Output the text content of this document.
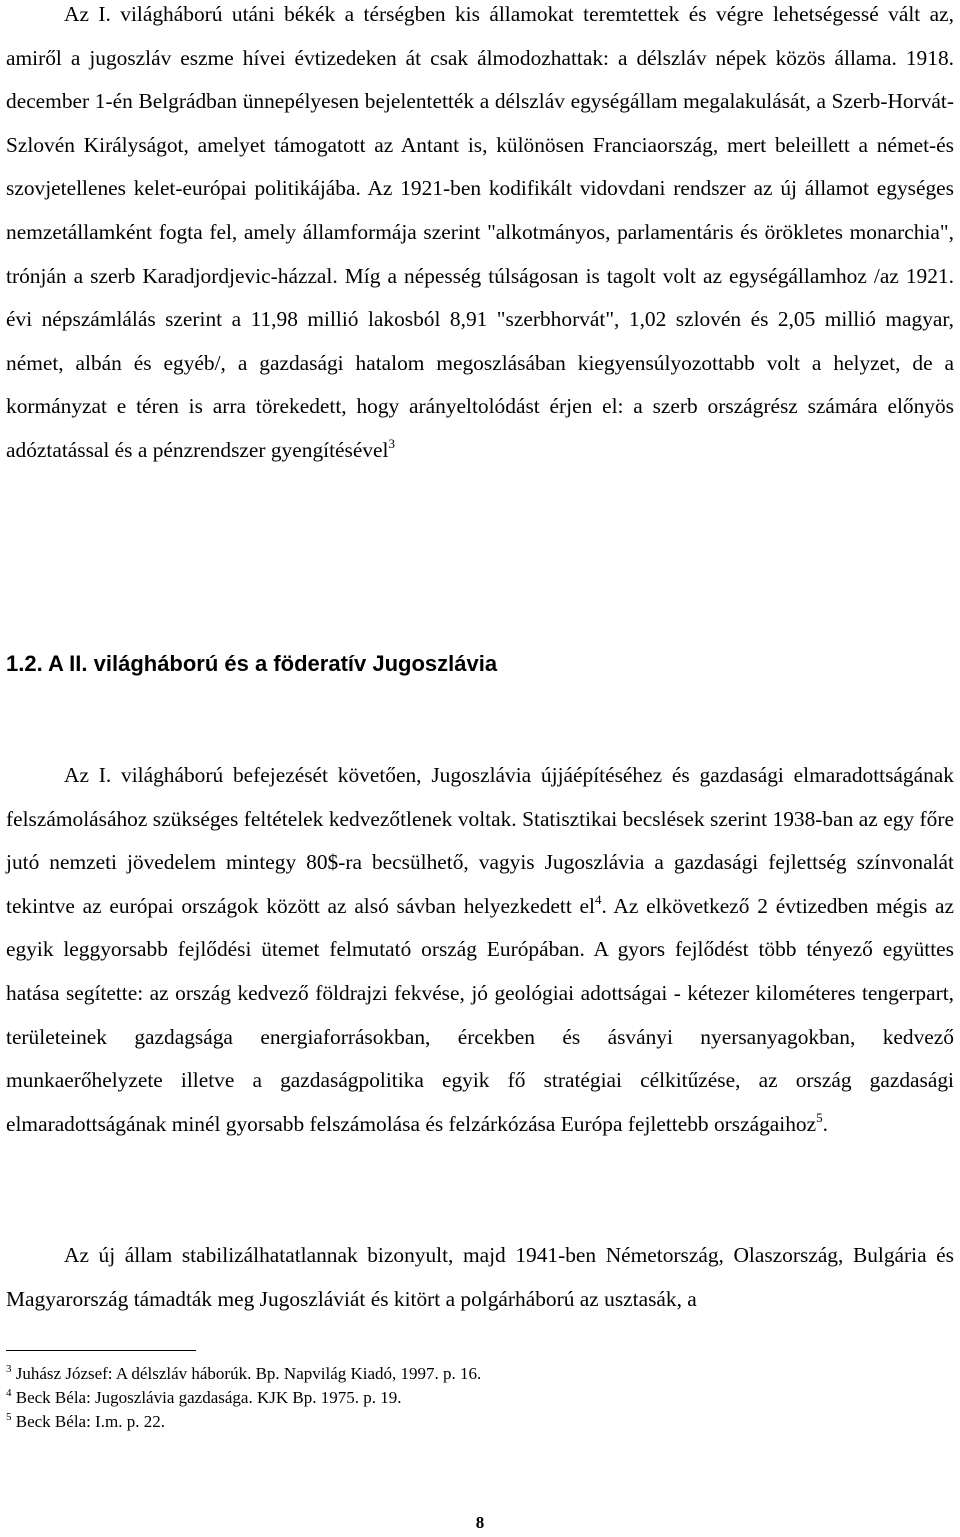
Az I. világháború utáni békék a térségben kis államokat teremtettek és végre lehetségessé vált az, amiről a jugoszláv eszme hívei évtizedeken át csak álmodozhattak: a délszláv népek közös állama. 1918. december 1-én Belgrádban ünnepélyesen bejelentették a délszláv egységállam megalakulását, a Szerb-Horvát-Szlovén Királyságot, amelyet támogatott az Antant is, különösen Franciaország, mert beleillett a német-és szovjetellenes kelet-európai politikájába. Az 1921-ben kodifikált vidovdani rendszer az új államot egységes nemzetállamként fogta fel, amely államformája szerint "alkotmányos, parlamentáris és örökletes monarchia", trónján a szerb Karadjordjevic-házzal. Míg a népesség túlságosan is tagolt volt az egységállamhoz /az 1921. évi népszámlálás szerint a 11,98 millió lakosból 8,91 "szerbhorvát", 1,02 szlovén és 2,05 millió magyar, német, albán és egyéb/, a gazdasági hatalom megoszlásában kiegyensúlyozottabb volt a helyzet, de a kormányzat e téren is arra törekedett, hogy arányeltolódást érjen el: a szerb országrész számára előnyös adóztatással és a pénzrendszer gyengítésével$^3$

1.2. A II. világháború és a föderatív Jugoszlávia

Az I. világháború befejezését követően, Jugoszlávia újjáépítéséhez és gazdasági elmaradottságának felszámolásához szükséges feltételek kedvezőtlenek voltak. Statisztikai becslések szerint 1938-ban az egy főre jutó nemzeti jövedelem mintegy 80$-ra becsülhető, vagyis Jugoszlávia a gazdasági fejlettség színvonalát tekintve az európai országok között az alsó sávban helyezkedett $el^4$. Az elkövetkező 2 évtizedben mégis az egyik leggyorsabb fejlődési ütemet felmutató ország Európában. A gyors fejlődést több tényező együttes hatása segítette: az ország kedvező földrajzi fekvése, jó geológiai adottságai - kétezer kilométeres tengerpart, területeinek gazdagsága energiaforrásokban, ércekben és ásványi nyersanyagokban, kedvező munkaerőhelyzete illetve a gazdaságpolitika egyik fő stratégiai célkitűzése, az ország gazdasági elmaradottságának minél gyorsabb felszámolása és felzárkózása Európa fejlettebb országaihoz$^5$.

Az új állam stabilizálhatatlannak bizonyult, majd 1941-ben Németország, Olaszország, Bulgária és Magyarország támadták meg Jugoszláviát és kitört a polgárháború az usztasák, a

$^3$ Juhász József: A délszláv háborúk. Bp. Napvilág Kiadó, 1997. p. 16.
$^4$ Beck Béla: Jugoszlávia gazdasága. KJK Bp. 1975. p. 19.
$^5$ Beck Béla: I.m. p. 22.
8
